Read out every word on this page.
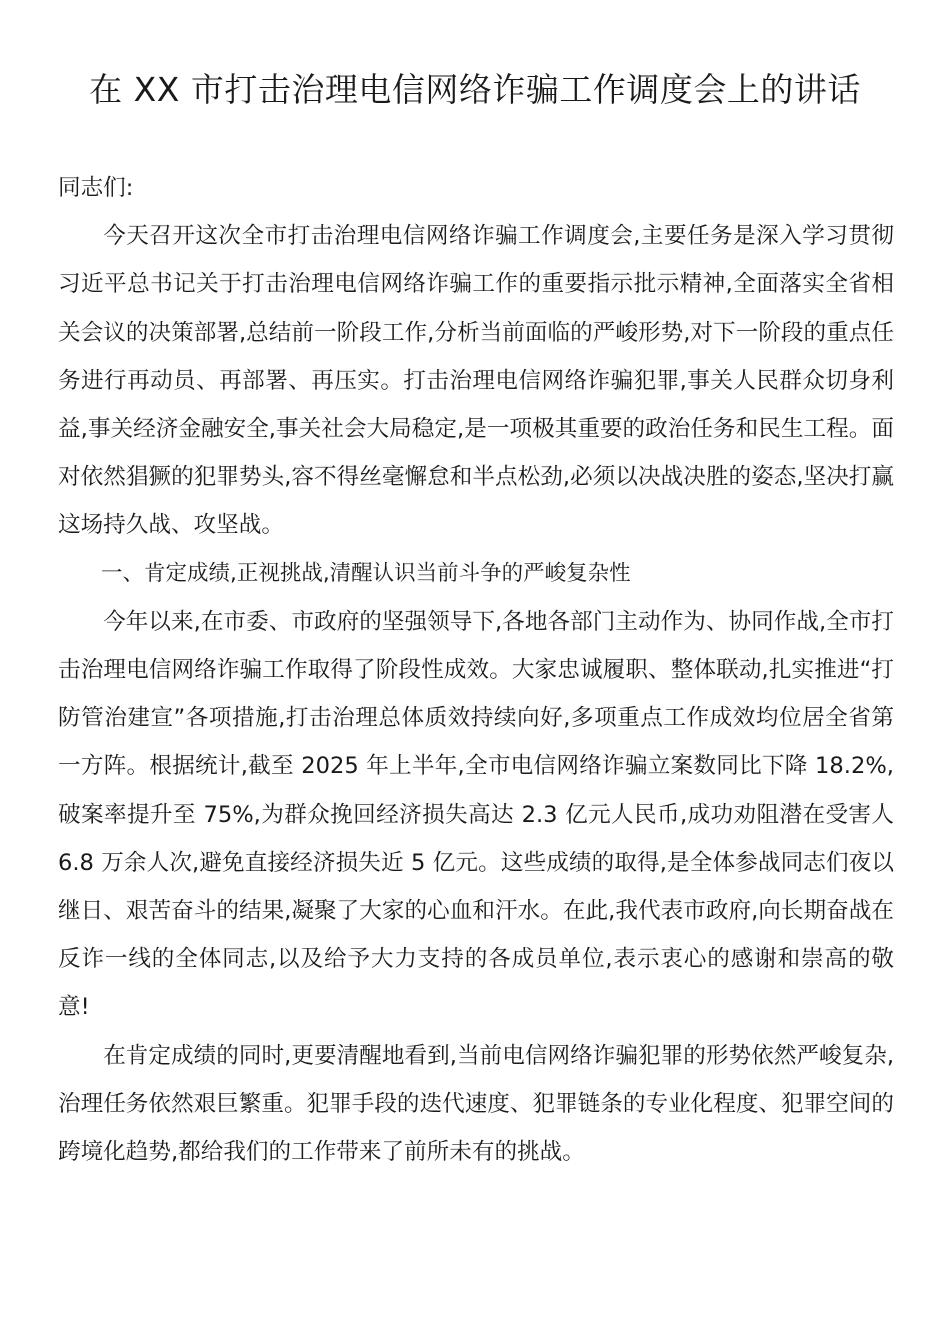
在 XX 市打击治理电信网络诈骗工作调度会上的讲话

同志们:

今天召开这次全市打击治理电信网络诈骗工作调度会,主要任务是深入学习贯彻习近平总书记关于打击治理电信网络诈骗工作的重要指示批示精神,全面落实全省相关会议的决策部署,总结前一阶段工作,分析当前面临的严峻形势,对下一阶段的重点任务进行再动员、再部署、再压实。打击治理电信网络诈骗犯罪,事关人民群众切身利益,事关经济金融安全,事关社会大局稳定,是一项极其重要的政治任务和民生工程。面对依然猖獗的犯罪势头,容不得丝毫懈怠和半点松劲,必须以决战决胜的姿态,坚决打赢这场持久战、攻坚战。

一、肯定成绩,正视挑战,清醒认识当前斗争的严峻复杂性

今年以来,在市委、市政府的坚强领导下,各地各部门主动作为、协同作战,全市打击治理电信网络诈骗工作取得了阶段性成效。大家忠诚履职、整体联动,扎实推进“打防管治建宣”各项措施,打击治理总体质效持续向好,多项重点工作成效均位居全省第一方阵。根据统计,截至 2025 年上半年,全市电信网络诈骗立案数同比下降 18.2%,破案率提升至 75%,为群众挽回经济损失高达 2.3 亿元人民币,成功劝阻潜在受害人 6.8 万余人次,避免直接经济损失近 5 亿元。这些成绩的取得,是全体参战同志们夜以继日、艰苦奋斗的结果,凝聚了大家的心血和汗水。在此,我代表市政府,向长期奋战在反诈一线的全体同志,以及给予大力支持的各成员单位,表示衷心的感谢和崇高的敬意!

在肯定成绩的同时,更要清醒地看到,当前电信网络诈骗犯罪的形势依然严峻复杂,治理任务依然艰巨繁重。犯罪手段的迭代速度、犯罪链条的专业化程度、犯罪空间的跨境化趋势,都给我们的工作带来了前所未有的挑战。
